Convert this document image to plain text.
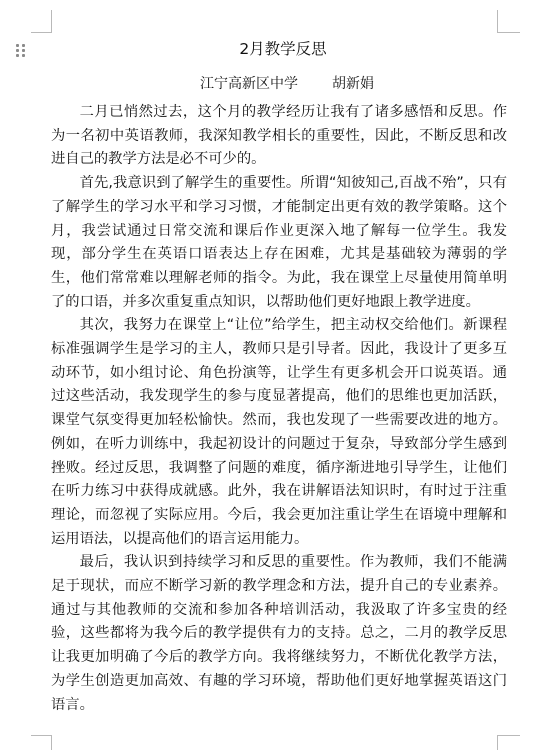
2月教学反思
江宁高新区中学 胡新娟

二月已悄然过去，这个月的教学经历让我有了诸多感悟和反思。作为一名初中英语教师，我深知教学相长的重要性，因此，不断反思和改进自己的教学方法是必不可少的。

首先,我意识到了解学生的重要性。所谓“知彼知己,百战不殆”，只有了解学生的学习水平和学习习惯，才能制定出更有效的教学策略。这个月，我尝试通过日常交流和课后作业更深入地了解每一位学生。我发现，部分学生在英语口语表达上存在困难，尤其是基础较为薄弱的学生，他们常常难以理解老师的指令。为此，我在课堂上尽量使用简单明了的口语，并多次重复重点知识，以帮助他们更好地跟上教学进度。

其次，我努力在课堂上“让位”给学生，把主动权交给他们。新课程标准强调学生是学习的主人，教师只是引导者。因此，我设计了更多互动环节，如小组讨论、角色扮演等，让学生有更多机会开口说英语。通过这些活动，我发现学生的参与度显著提高，他们的思维也更加活跃，课堂气氛变得更加轻松愉快。然而，我也发现了一些需要改进的地方。例如，在听力训练中，我起初设计的问题过于复杂，导致部分学生感到挫败。经过反思，我调整了问题的难度，循序渐进地引导学生，让他们在听力练习中获得成就感。此外，我在讲解语法知识时，有时过于注重理论，而忽视了实际应用。今后，我会更加注重让学生在语境中理解和运用语法，以提高他们的语言运用能力。

最后，我认识到持续学习和反思的重要性。作为教师，我们不能满足于现状，而应不断学习新的教学理念和方法，提升自己的专业素养。通过与其他教师的交流和参加各种培训活动，我汲取了许多宝贵的经验，这些都将为我今后的教学提供有力的支持。总之，二月的教学反思让我更加明确了今后的教学方向。我将继续努力，不断优化教学方法，为学生创造更加高效、有趣的学习环境，帮助他们更好地掌握英语这门语言。
